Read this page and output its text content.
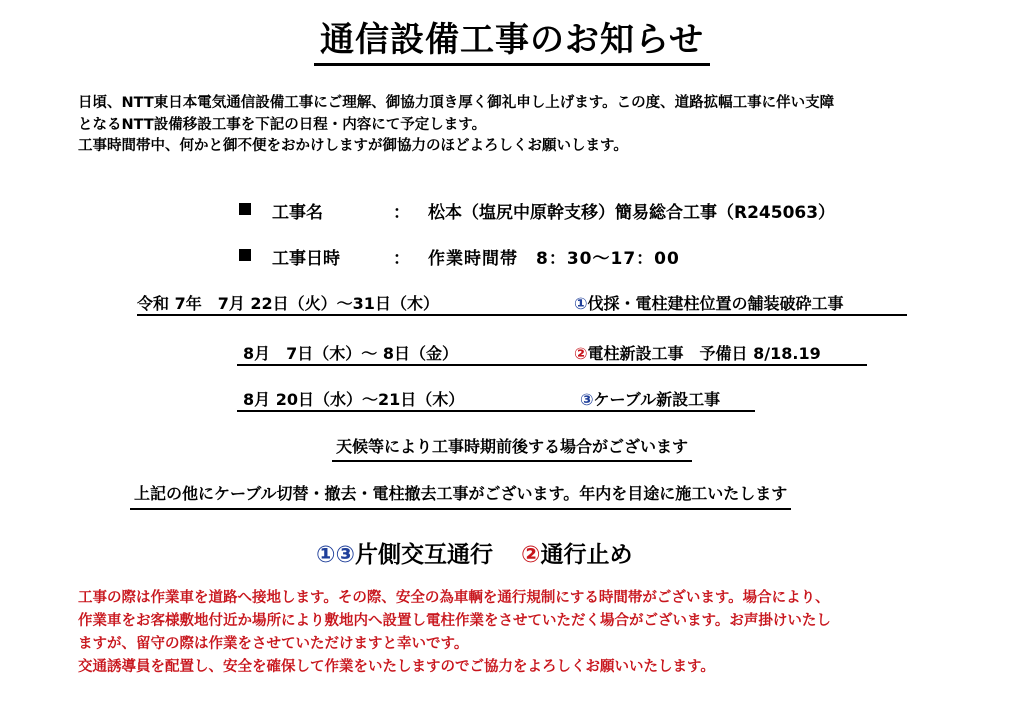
通信設備工事のお知らせ
日頃、NTT東日本電気通信設備工事にご理解、御協力頂き厚く御礼申し上げます。この度、道路拡幅工事に伴い支障
となるNTT設備移設工事を下記の日程・内容にて予定します。
工事時間帯中、何かと御不便をおかけしますが御協力のほどよろしくお願いします。
工事名	： 松本（塩尻中原幹支移）簡易総合工事（R245063）
工事日時	： 作業時間帯　8：30～17：00
令和 7年　7月 22日（火）～31日（木）	①伐採・電柱建柱位置の舗装破砕工事
8月　7日（木）～ 8日（金）	②電柱新設工事　予備日 8/18.19
8月 20日（水）～21日（木）	③ケーブル新設工事
天候等により工事時期前後する場合がございます
上記の他にケーブル切替・撤去・電柱撤去工事がございます。年内を目途に施工いたします
①③片側交互通行 ②通行止め
工事の際は作業車を道路へ接地します。その際、安全の為車輌を通行規制にする時間帯がございます。場合により、
作業車をお客様敷地付近か場所により敷地内へ設置し電柱作業をさせていただく場合がございます。お声掛けいたし
ますが、留守の際は作業をさせていただけますと幸いです。
交通誘導員を配置し、安全を確保して作業をいたしますのでご協力をよろしくお願いいたします。
